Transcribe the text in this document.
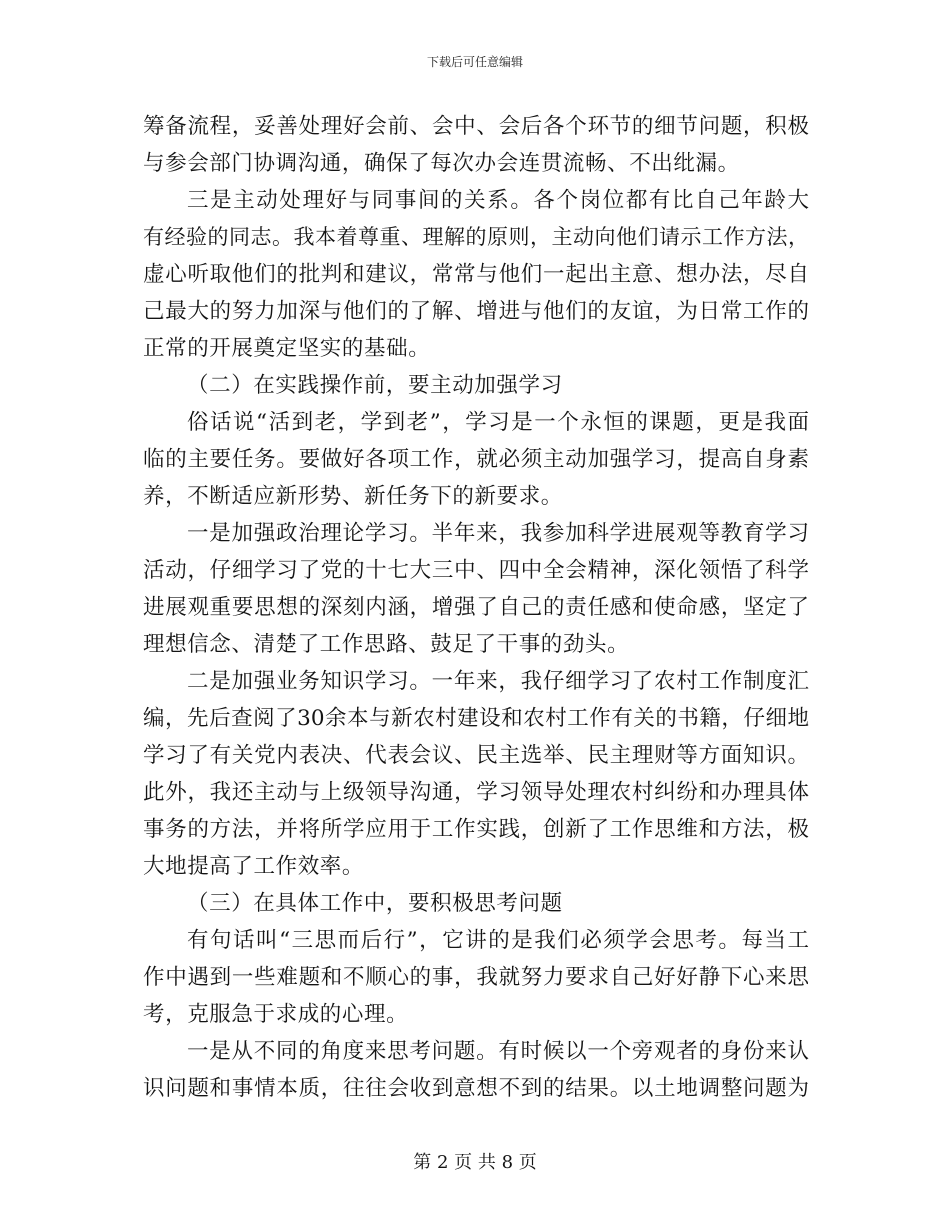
下载后可任意编辑
筹备流程，妥善处理好会前、会中、会后各个环节的细节问题，积极
与参会部门协调沟通，确保了每次办会连贯流畅、不出纰漏。
三是主动处理好与同事间的关系。各个岗位都有比自己年龄大
有经验的同志。我本着尊重、理解的原则，主动向他们请示工作方法，
虚心听取他们的批判和建议，常常与他们一起出主意、想办法，尽自
己最大的努力加深与他们的了解、增进与他们的友谊，为日常工作的
正常的开展奠定坚实的基础。
（二）在实践操作前，要主动加强学习
俗话说“活到老，学到老”，学习是一个永恒的课题，更是我面
临的主要任务。要做好各项工作，就必须主动加强学习，提高自身素
养，不断适应新形势、新任务下的新要求。
一是加强政治理论学习。半年来，我参加科学进展观等教育学习
活动，仔细学习了党的十七大三中、四中全会精神，深化领悟了科学
进展观重要思想的深刻内涵，增强了自己的责任感和使命感，坚定了
理想信念、清楚了工作思路、鼓足了干事的劲头。
二是加强业务知识学习。一年来，我仔细学习了农村工作制度汇
编，先后查阅了30余本与新农村建设和农村工作有关的书籍，仔细地
学习了有关党内表决、代表会议、民主选举、民主理财等方面知识。
此外，我还主动与上级领导沟通，学习领导处理农村纠纷和办理具体
事务的方法，并将所学应用于工作实践，创新了工作思维和方法，极
大地提高了工作效率。
（三）在具体工作中，要积极思考问题
有句话叫“三思而后行”，它讲的是我们必须学会思考。每当工
作中遇到一些难题和不顺心的事，我就努力要求自己好好静下心来思
考，克服急于求成的心理。
一是从不同的角度来思考问题。有时候以一个旁观者的身份来认
识问题和事情本质，往往会收到意想不到的结果。以土地调整问题为
第 2 页 共 8 页
